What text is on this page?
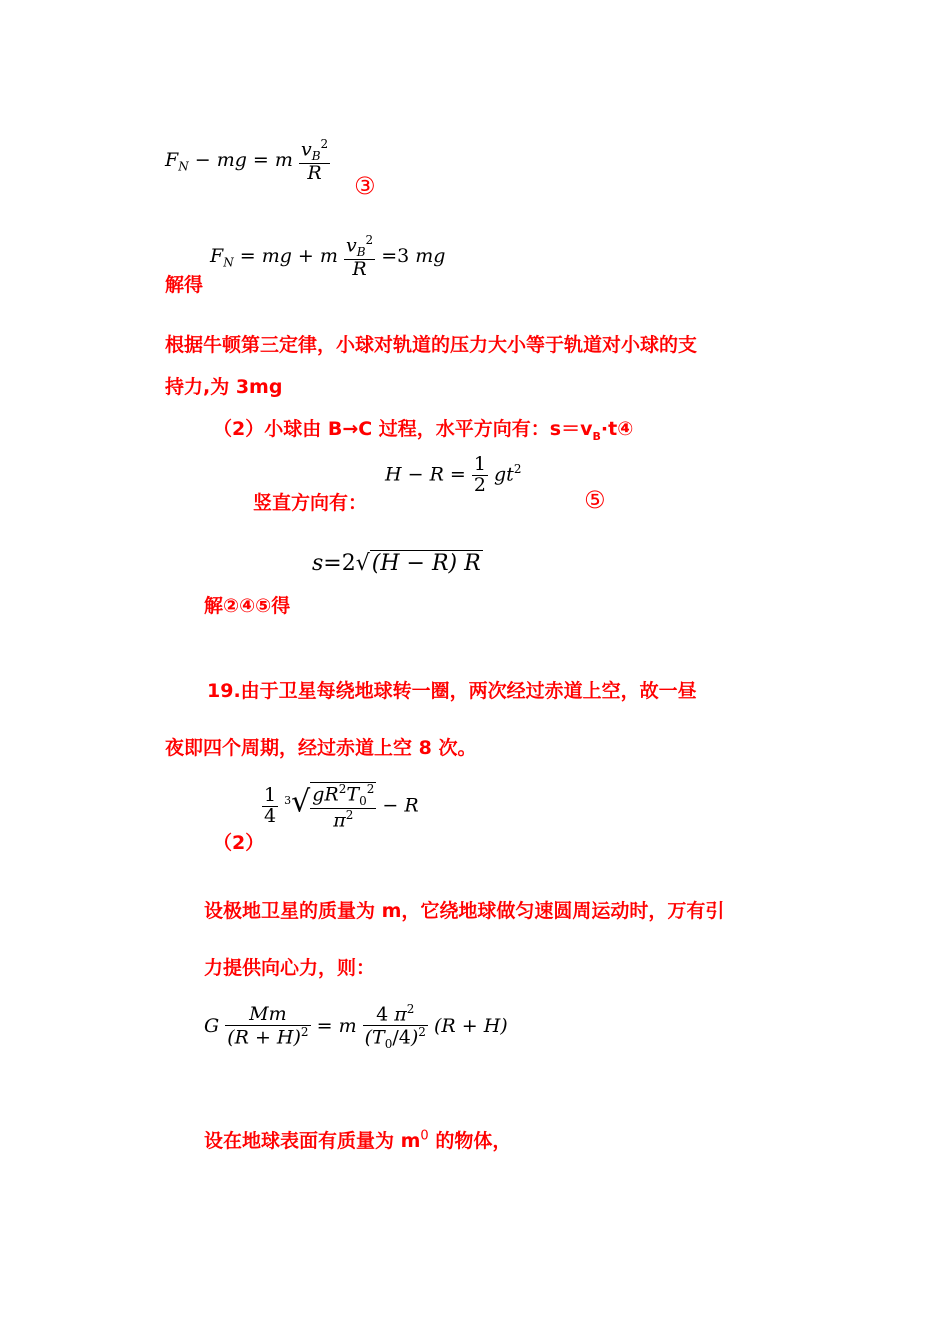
$F_N$ − mg = m $\frac{v_B^2}{R}$
③
解得
$F_N$ = mg + m $\frac{v_B^2}{R} =3$ mg
根据牛顿第三定律，小球对轨道的压力大小等于轨道对小球的支
持力,为 3mg
（2）小球由 B→C 过程，水平方向有：$s=v_B\cdot t④$
竖直方向有：
$H - R = \frac{1}{2} gt^2$
⑤
s=2√(H − R) R
解②④⑤得
19.由于卫星每绕地球转一圈，两次经过赤道上空，故一昼
夜即四个周期，经过赤道上空 8 次。
（2）
$\frac{1}{4} ^3√ \frac{gR^2T_0^2}{\pi^2} - R$
设极地卫星的质量为 m，它绕地球做匀速圆周运动时，万有引
力提供向心力，则：
G $\frac{Mm}{(R + H)^2} = m \frac{4 \pi^2}{(T_0/4)^2} (R + H)$
设在地球表面有质量为 $m^0$ 的物体，
